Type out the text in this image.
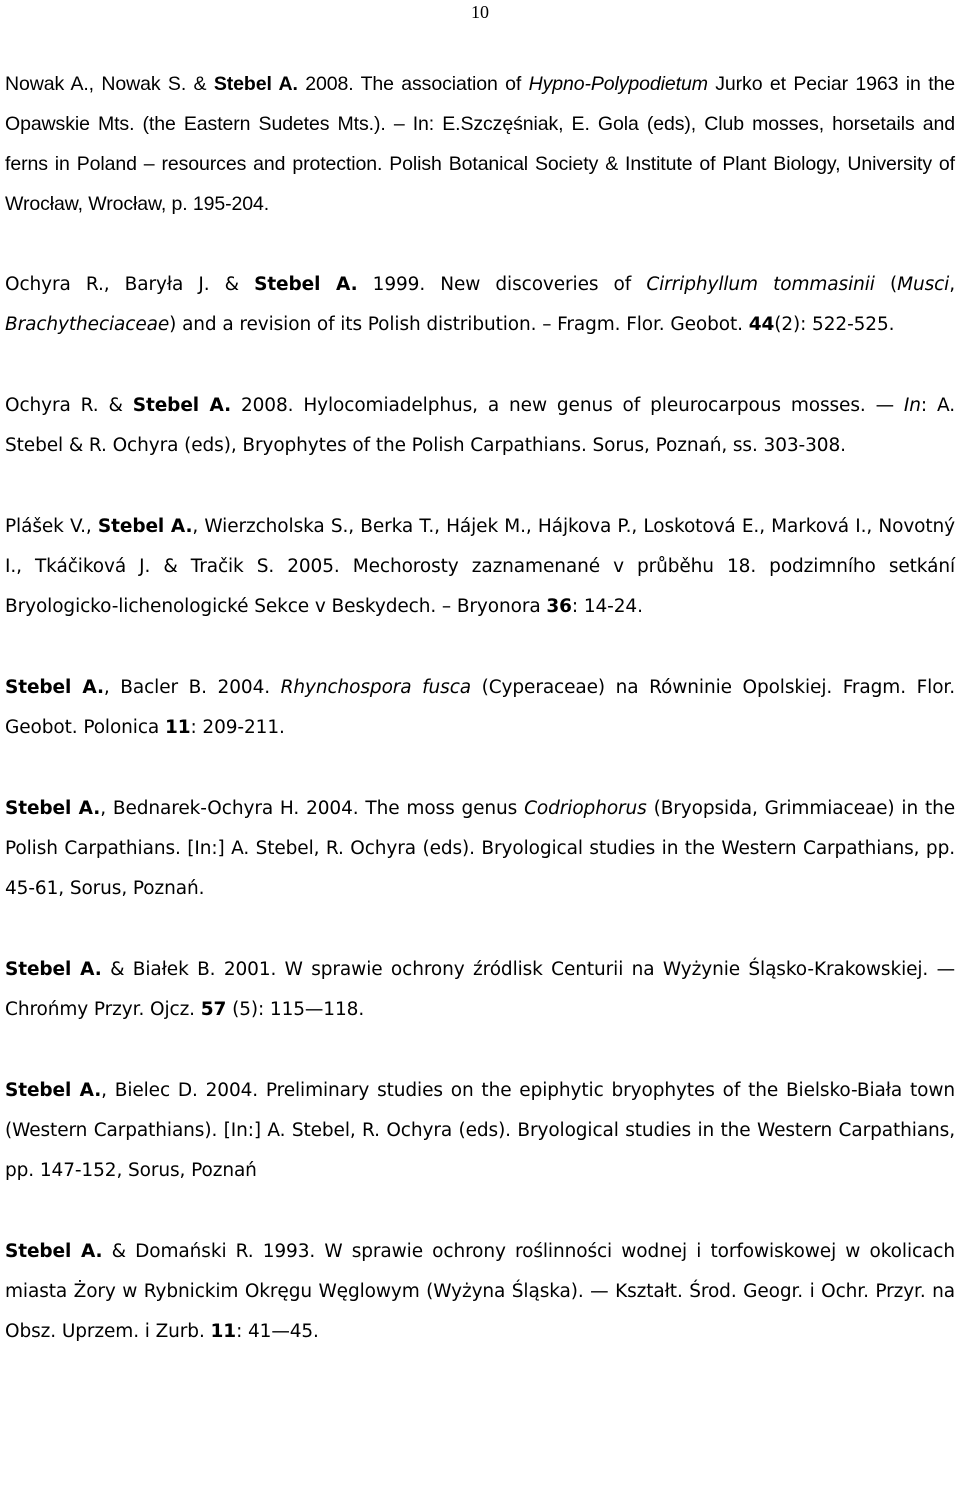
10

Nowak A., Nowak S. & Stebel A. 2008. The association of Hypno-Polypodietum Jurko et Peciar 1963 in the Opawskie Mts. (the Eastern Sudetes Mts.). – In: E.Szczęśniak, E. Gola (eds), Club mosses, horsetails and ferns in Poland – resources and protection. Polish Botanical Society & Institute of Plant Biology, University of Wrocław, Wrocław, p. 195-204.

Ochyra R., Baryła J. & Stebel A. 1999. New discoveries of Cirriphyllum tommasinii (Musci, Brachytheciaceae) and a revision of its Polish distribution. – Fragm. Flor. Geobot. 44(2): 522-525.

Ochyra R. & Stebel A. 2008. Hylocomiadelphus, a new genus of pleurocarpous mosses. — In: A. Stebel & R. Ochyra (eds), Bryophytes of the Polish Carpathians. Sorus, Poznań, ss. 303-308.

Plášek V., Stebel A., Wierzcholska S., Berka T., Hájek M., Hájkova P., Loskotová E., Marková I., Novotný I., Tkáčiková J. & Tračik S. 2005. Mechorosty zaznamenané v průběhu 18. podzimního setkání Bryologicko-lichenologické Sekce v Beskydech. – Bryonora 36: 14-24.

Stebel A., Bacler B. 2004. Rhynchospora fusca (Cyperaceae) na Równinie Opolskiej. Fragm. Flor. Geobot. Polonica 11: 209-211.

Stebel A., Bednarek-Ochyra H. 2004. The moss genus Codriophorus (Bryopsida, Grimmiaceae) in the Polish Carpathians. [In:] A. Stebel, R. Ochyra (eds). Bryological studies in the Western Carpathians, pp. 45-61, Sorus, Poznań.

Stebel A. & Białek B. 2001. W sprawie ochrony źródlisk Centurii na Wyżynie Śląsko-Krakowskiej. — Chrońmy Przyr. Ojcz. 57 (5): 115—118.

Stebel A., Bielec D. 2004. Preliminary studies on the epiphytic bryophytes of the Bielsko-Biała town (Western Carpathians). [In:] A. Stebel, R. Ochyra (eds). Bryological studies in the Western Carpathians, pp. 147-152, Sorus, Poznań

Stebel A. & Domański R. 1993. W sprawie ochrony roślinności wodnej i torfowiskowej w okolicach miasta Żory w Rybnickim Okręgu Węglowym (Wyżyna Śląska). — Kształt. Środ. Geogr. i Ochr. Przyr. na Obsz. Uprzem. i Zurb. 11: 41—45.
